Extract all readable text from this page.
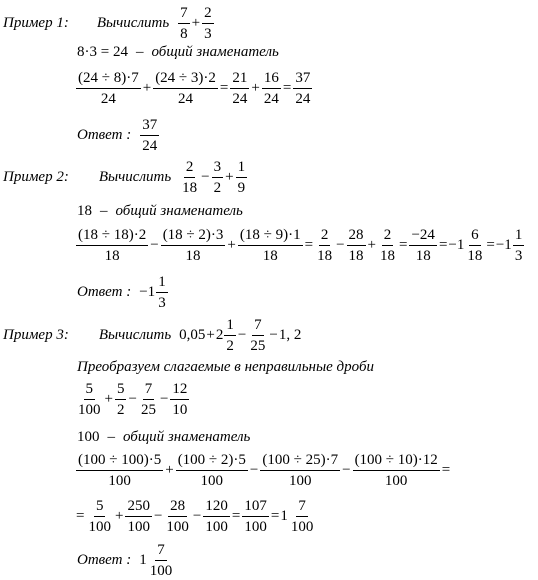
Пример 1: Вычислить $\frac{7}{8} + \frac{2}{3}$
8·3 = 24 – общий знаменатель
$\frac{(24 \div 8)\cdot 7}{24} + \frac{(24 \div 3)\cdot 2}{24} = \frac{21}{24} + \frac{16}{24} = \frac{37}{24}$
Ответ : $\frac{37}{24}$
Пример 2: Вычислить $\frac{2}{18} - \frac{3}{2} + \frac{1}{9}$
18 – общий знаменатель
$\frac{(18 \div 18)\cdot 2}{18} - \frac{(18 \div 2)\cdot 3}{18} + \frac{(18 \div 9)\cdot 1}{18} = \frac{2}{18} - \frac{28}{18} + \frac{2}{18} = \frac{-24}{18} = -1 \frac{6}{18} = -1 \frac{1}{3}$
Ответ : $-1 \frac{1}{3}$
Пример 3: Вычислить $0,05 + 2 \frac{1}{2} - \frac{7}{25} - 1$, 2
Преобразуем слагаемые в неправильные дроби
$\frac{5}{100} + \frac{5}{2} - \frac{7}{25} - \frac{12}{10}$
100 – общий знаменатель
$\frac{(100 \div 100)\cdot 5}{100} + \frac{(100 \div 2)\cdot 5}{100} - \frac{(100 \div 25)\cdot 7}{100} - \frac{(100 \div 10)\cdot 12}{100}$ =
= $\frac{5}{100} + \frac{250}{100} - \frac{28}{100} - \frac{120}{100} = \frac{107}{100} = 1 \frac{7}{100}$
Ответ : $1 \frac{7}{100}$
